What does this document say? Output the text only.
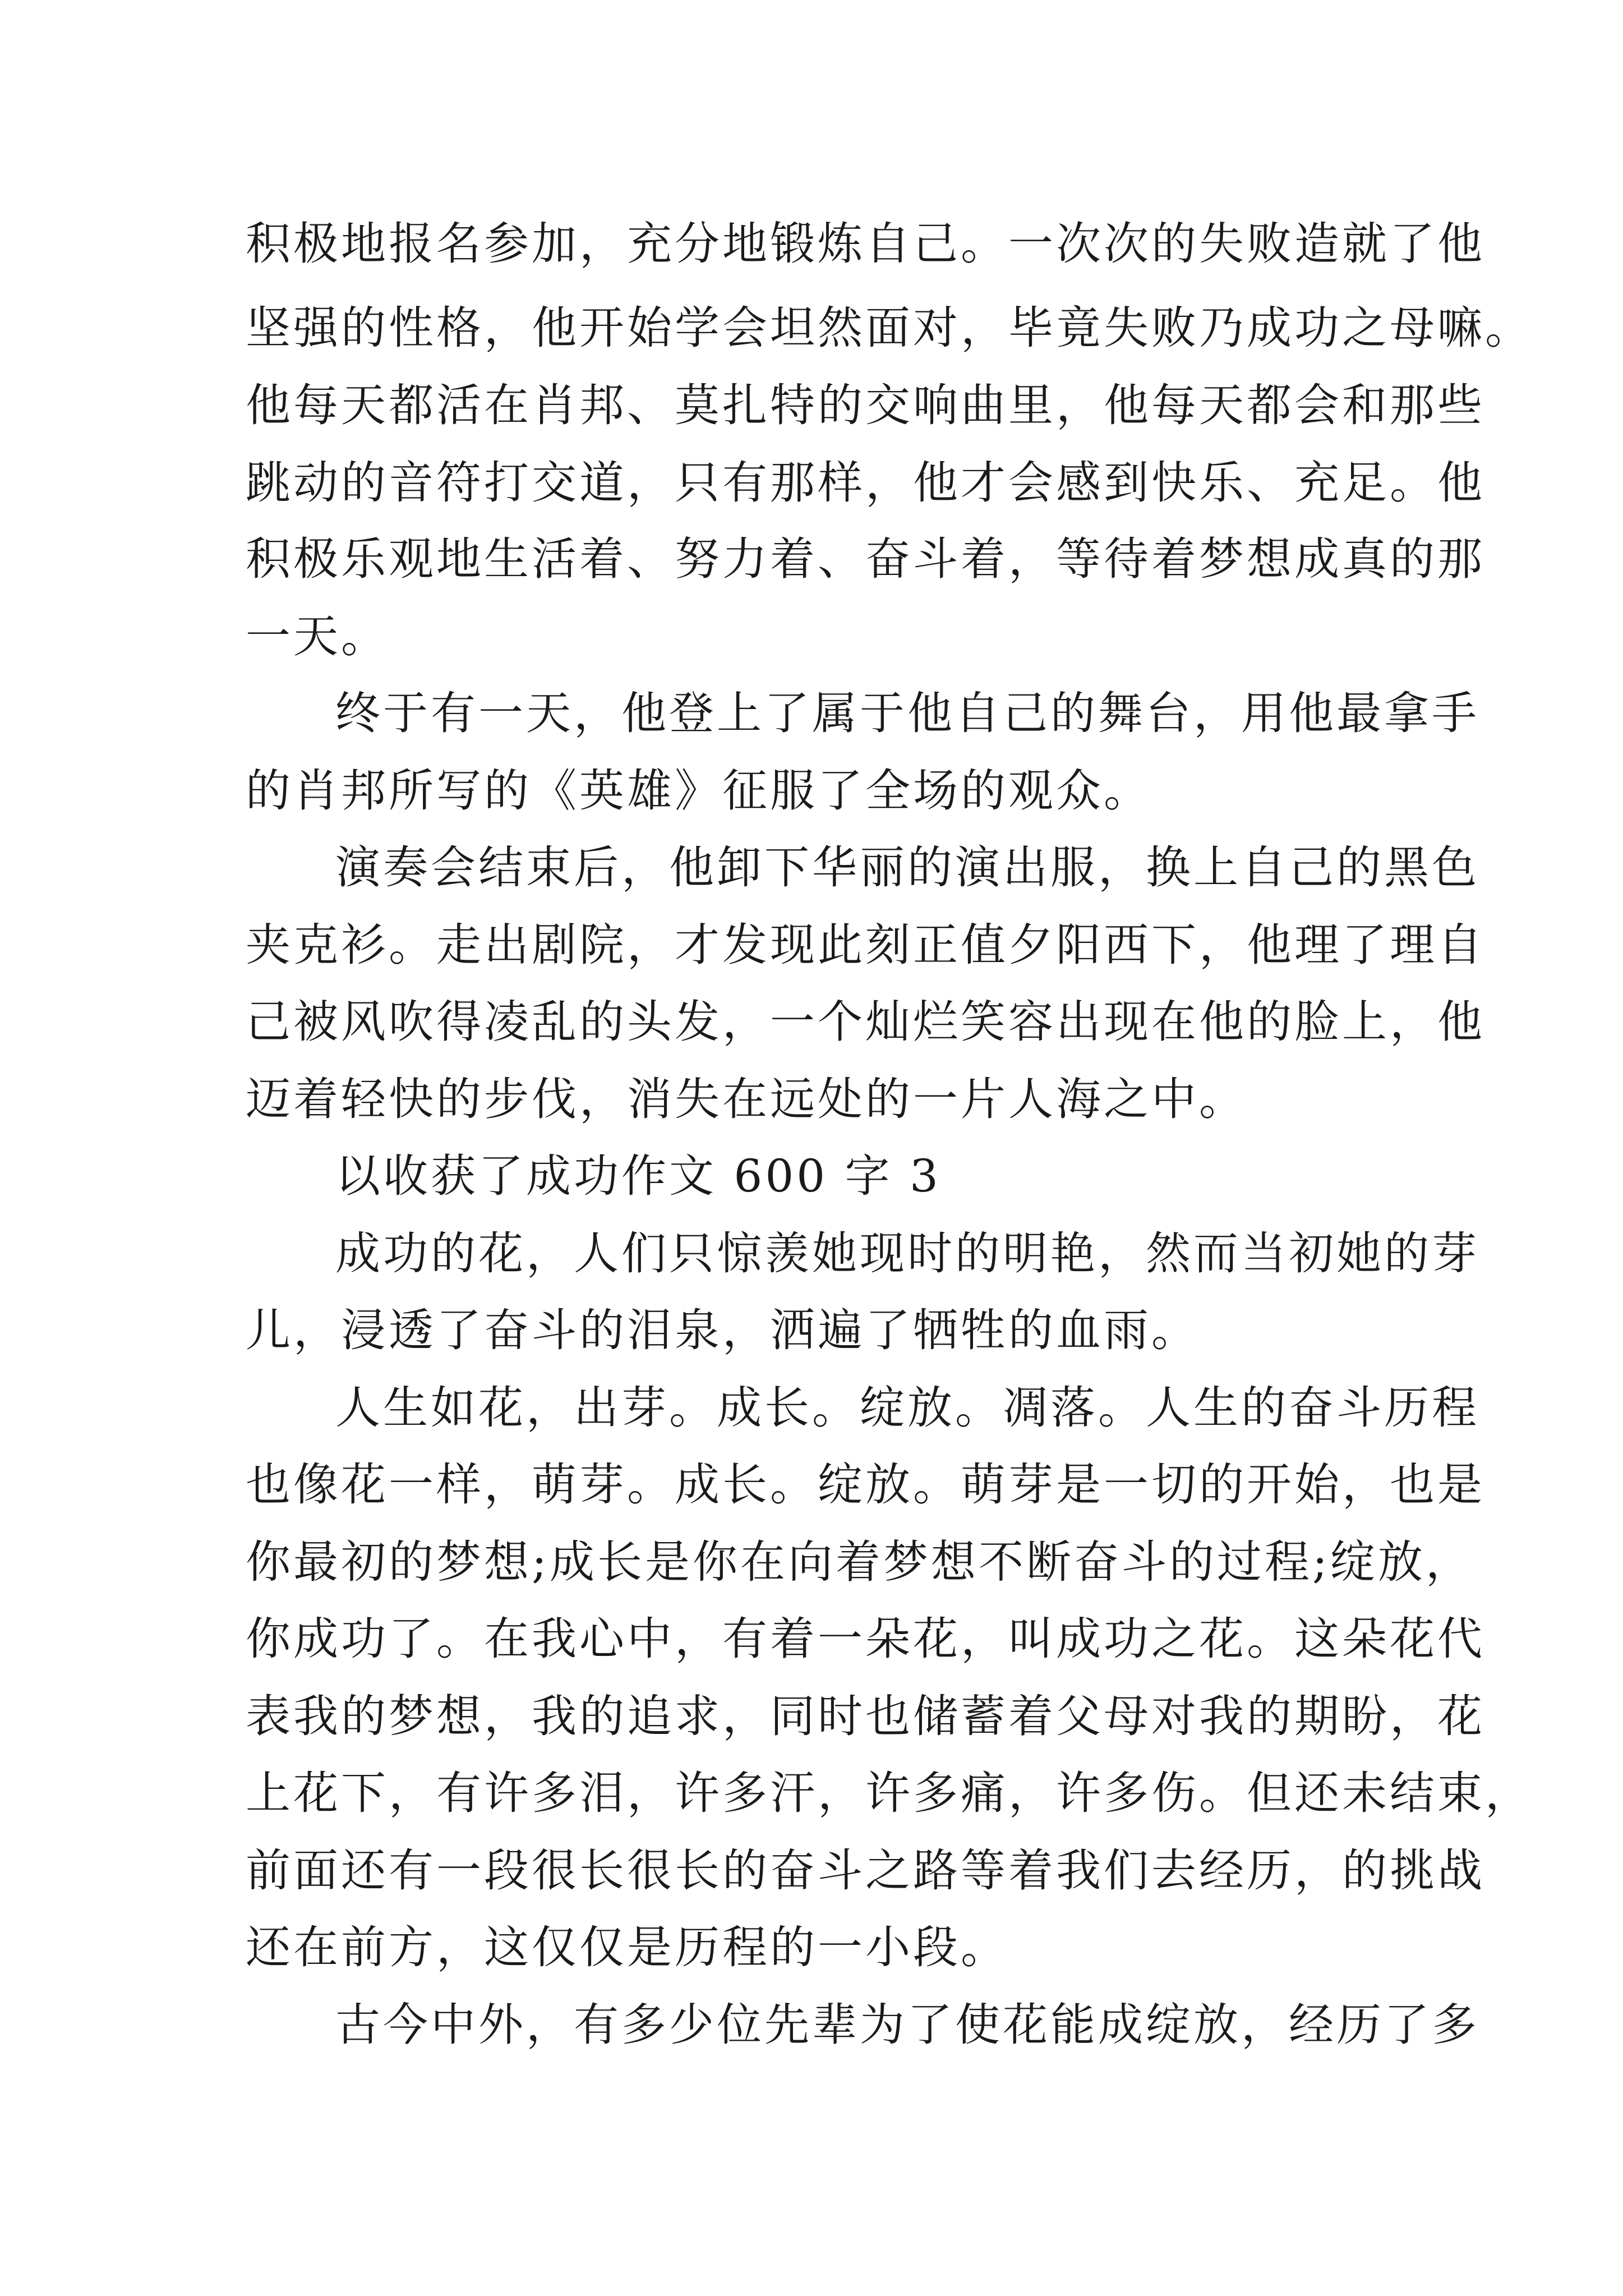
积极地报名参加，充分地锻炼自己。一次次的失败造就了他

坚强的性格，他开始学会坦然面对，毕竟失败乃成功之母嘛。

他每天都活在肖邦、莫扎特的交响曲里，他每天都会和那些

跳动的音符打交道，只有那样，他才会感到快乐、充足。他

积极乐观地生活着、努力着、奋斗着，等待着梦想成真的那

一天。

终于有一天，他登上了属于他自己的舞台，用他最拿手

的肖邦所写的《英雄》征服了全场的观众。

演奏会结束后，他卸下华丽的演出服，换上自己的黑色

夹克衫。走出剧院，才发现此刻正值夕阳西下，他理了理自

己被风吹得凌乱的头发，一个灿烂笑容出现在他的脸上，他

迈着轻快的步伐，消失在远处的一片人海之中。

以收获了成功作文 600 字 3

成功的花，人们只惊羡她现时的明艳，然而当初她的芽

儿，浸透了奋斗的泪泉，洒遍了牺牲的血雨。

人生如花，出芽。成长。绽放。凋落。人生的奋斗历程

也像花一样，萌芽。成长。绽放。萌芽是一切的开始，也是

你最初的梦想;成长是你在向着梦想不断奋斗的过程;绽放，

你成功了。在我心中，有着一朵花，叫成功之花。这朵花代

表我的梦想，我的追求，同时也储蓄着父母对我的期盼，花

上花下，有许多泪，许多汗，许多痛，许多伤。但还未结束，

前面还有一段很长很长的奋斗之路等着我们去经历，的挑战

还在前方，这仅仅是历程的一小段。

古今中外，有多少位先辈为了使花能成绽放，经历了多
